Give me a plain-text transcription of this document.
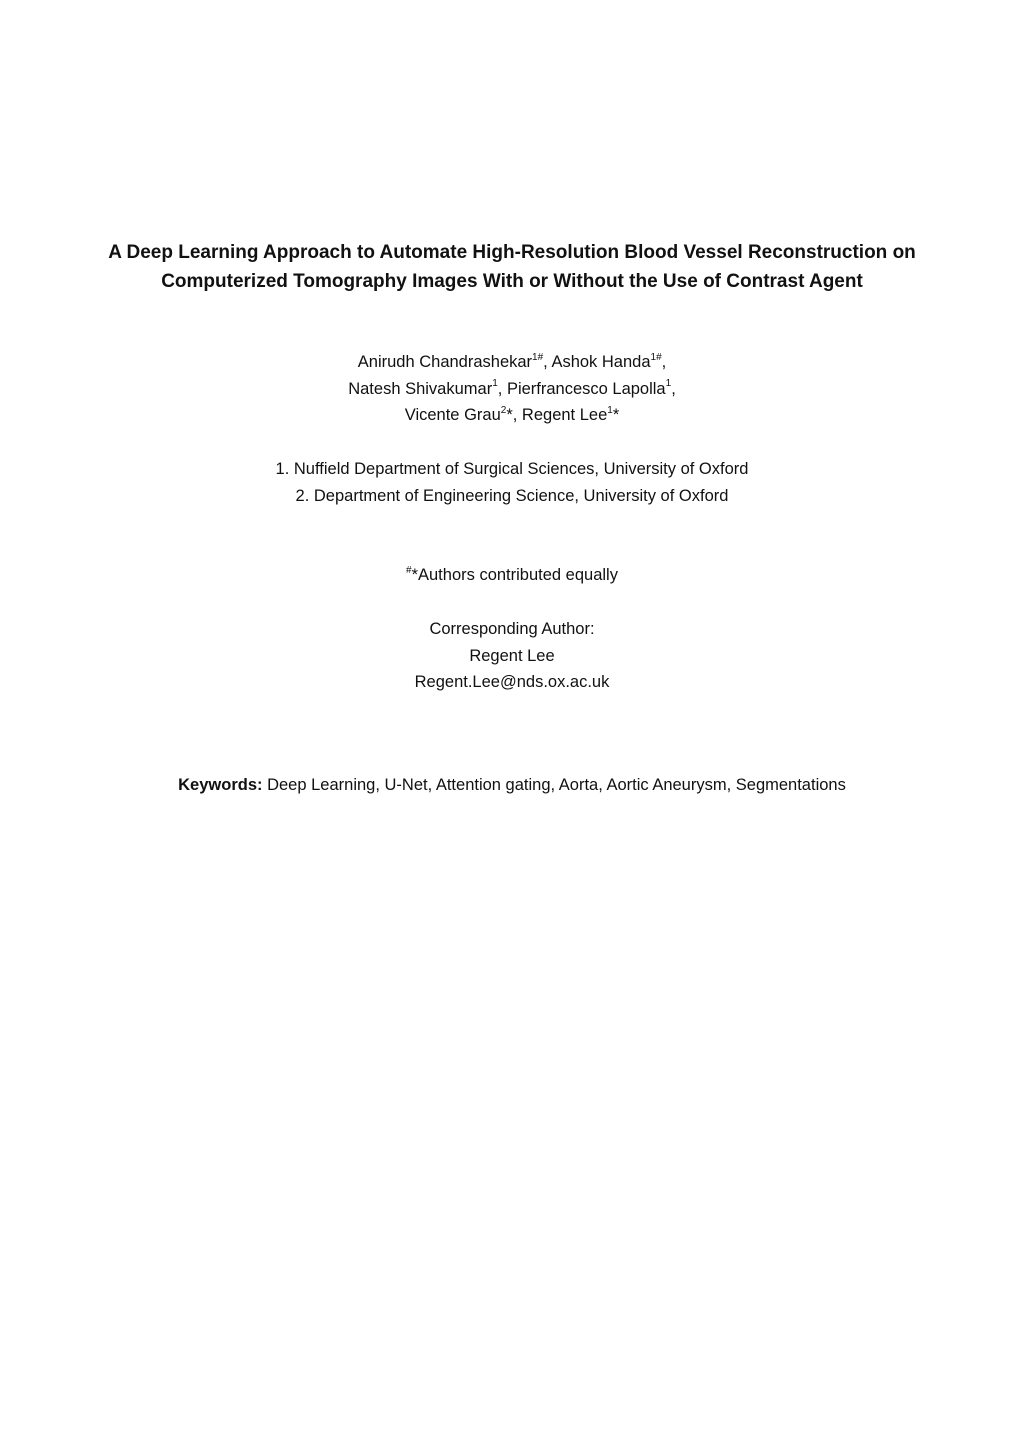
A Deep Learning Approach to Automate High-Resolution Blood Vessel Reconstruction on
Computerized Tomography Images With or Without the Use of Contrast Agent
Anirudh Chandrashekar$^{1\#}$, Ashok Handa$^{1\#}$,
Natesh Shivakumar$^1$, Pierfrancesco Lapolla$^1$,
Vicente Grau$^2$*, Regent Lee$^1$*
1. Nuffield Department of Surgical Sciences, University of Oxford
2. Department of Engineering Science, University of Oxford
#*Authors contributed equally
Corresponding Author:
Regent Lee
Regent.Lee@nds.ox.ac.uk
Keywords: Deep Learning, U-Net, Attention gating, Aorta, Aortic Aneurysm, Segmentations
